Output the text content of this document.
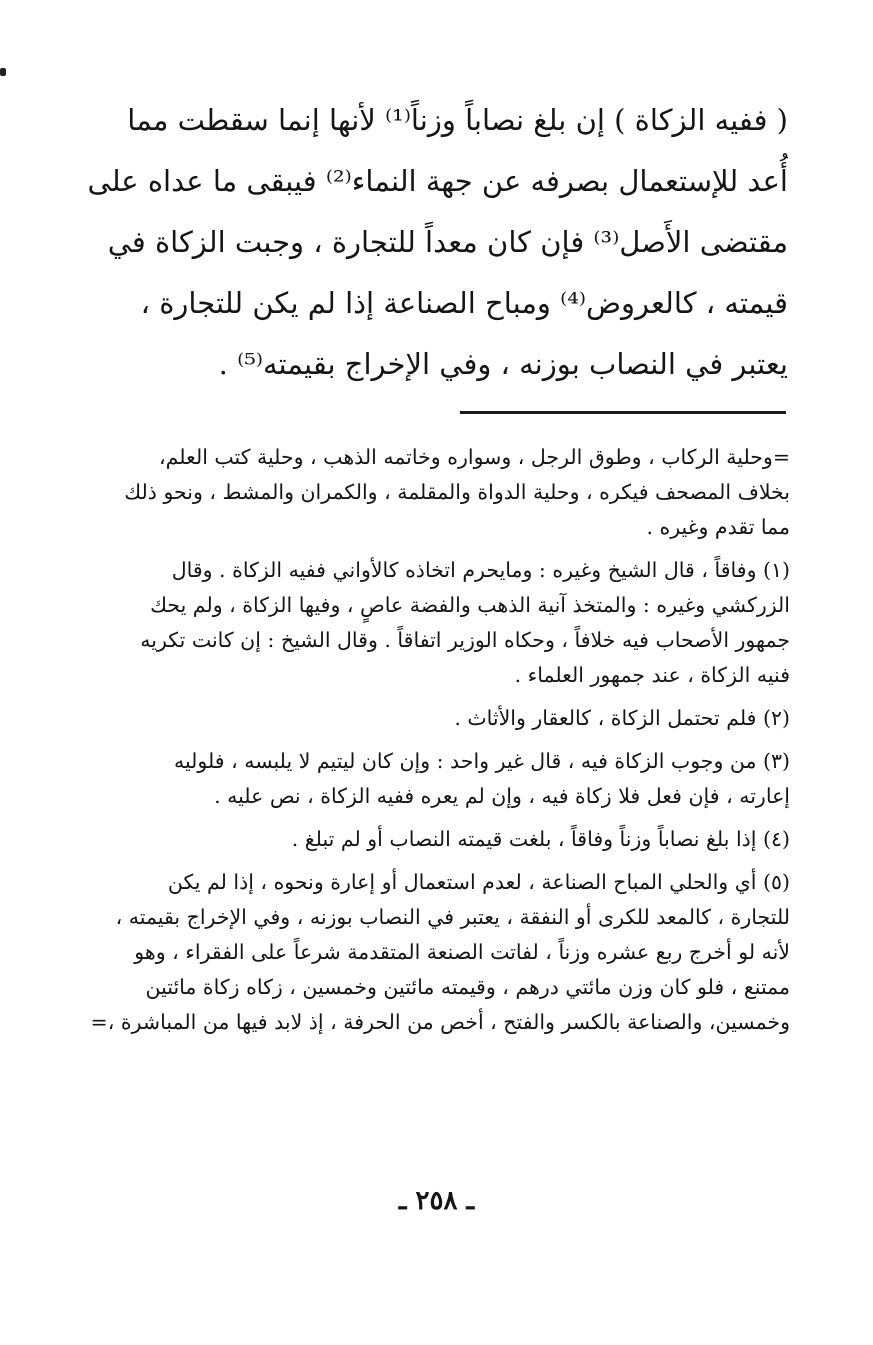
( ففيه الزكاة ) إن بلغ نصاباً وزناً⁽¹⁾ لأنها إنما سقطت مما
أُعد للإستعمال بصرفه عن جهة النماء⁽²⁾ فيبقى ما عداه على
مقتضى الأَصل⁽³⁾ فإن كان معداً للتجارة ، وجبت الزكاة في
قيمته ، كالعروض⁽⁴⁾ ومباح الصناعة إذا لم يكن للتجارة ،
يعتبر في النصاب بوزنه ، وفي الإخراج بقيمته⁽⁵⁾ .
=وحلية الركاب ، وطوق الرجل ، وسواره وخاتمه الذهب ، وحلية كتب العلم،
بخلاف المصحف فيكره ، وحلية الدواة والمقلمة ، والكمران والمشط ، ونحو ذلك
مما تقدم وغيره .
(١) وفاقاً ، قال الشيخ وغيره : ومايحرم اتخاذه كالأواني ففيه الزكاة . وقال
الزركشي وغيره : والمتخذ آنية الذهب والفضة عاصٍ ، وفيها الزكاة ، ولم يحك
جمهور الأصحاب فيه خلافاً ، وحكاه الوزير اتفاقاً . وقال الشيخ : إن كانت تكريه
فنيه الزكاة ، عند جمهور العلماء .
(٢) فلم تحتمل الزكاة ، كالعقار والأثاث .
(٣) من وجوب الزكاة فيه ، قال غير واحد : وإن كان ليتيم لا يلبسه ، فلوليه
إعارته ، فإن فعل فلا زكاة فيه ، وإن لم يعره ففيه الزكاة ، نص عليه .
(٤) إذا بلغ نصاباً وزناً وفاقاً ، بلغت قيمته النصاب أو لم تبلغ .
(٥) أي والحلي المباح الصناعة ، لعدم استعمال أو إعارة ونحوه ، إذا لم يكن
للتجارة ، كالمعد للكرى أو النفقة ، يعتبر في النصاب بوزنه ، وفي الإخراج بقيمته ،
لأنه لو أخرج ربع عشره وزناً ، لفاتت الصنعة المتقدمة شرعاً على الفقراء ، وهو
ممتنع ، فلو كان وزن مائتي درهم ، وقيمته مائتين وخمسين ، زكاه زكاة مائتين
وخمسين، والصناعة بالكسر والفتح ، أخص من الحرفة ، إذ لابد فيها من المباشرة ،=
ـ ٢٥٨ ـ
